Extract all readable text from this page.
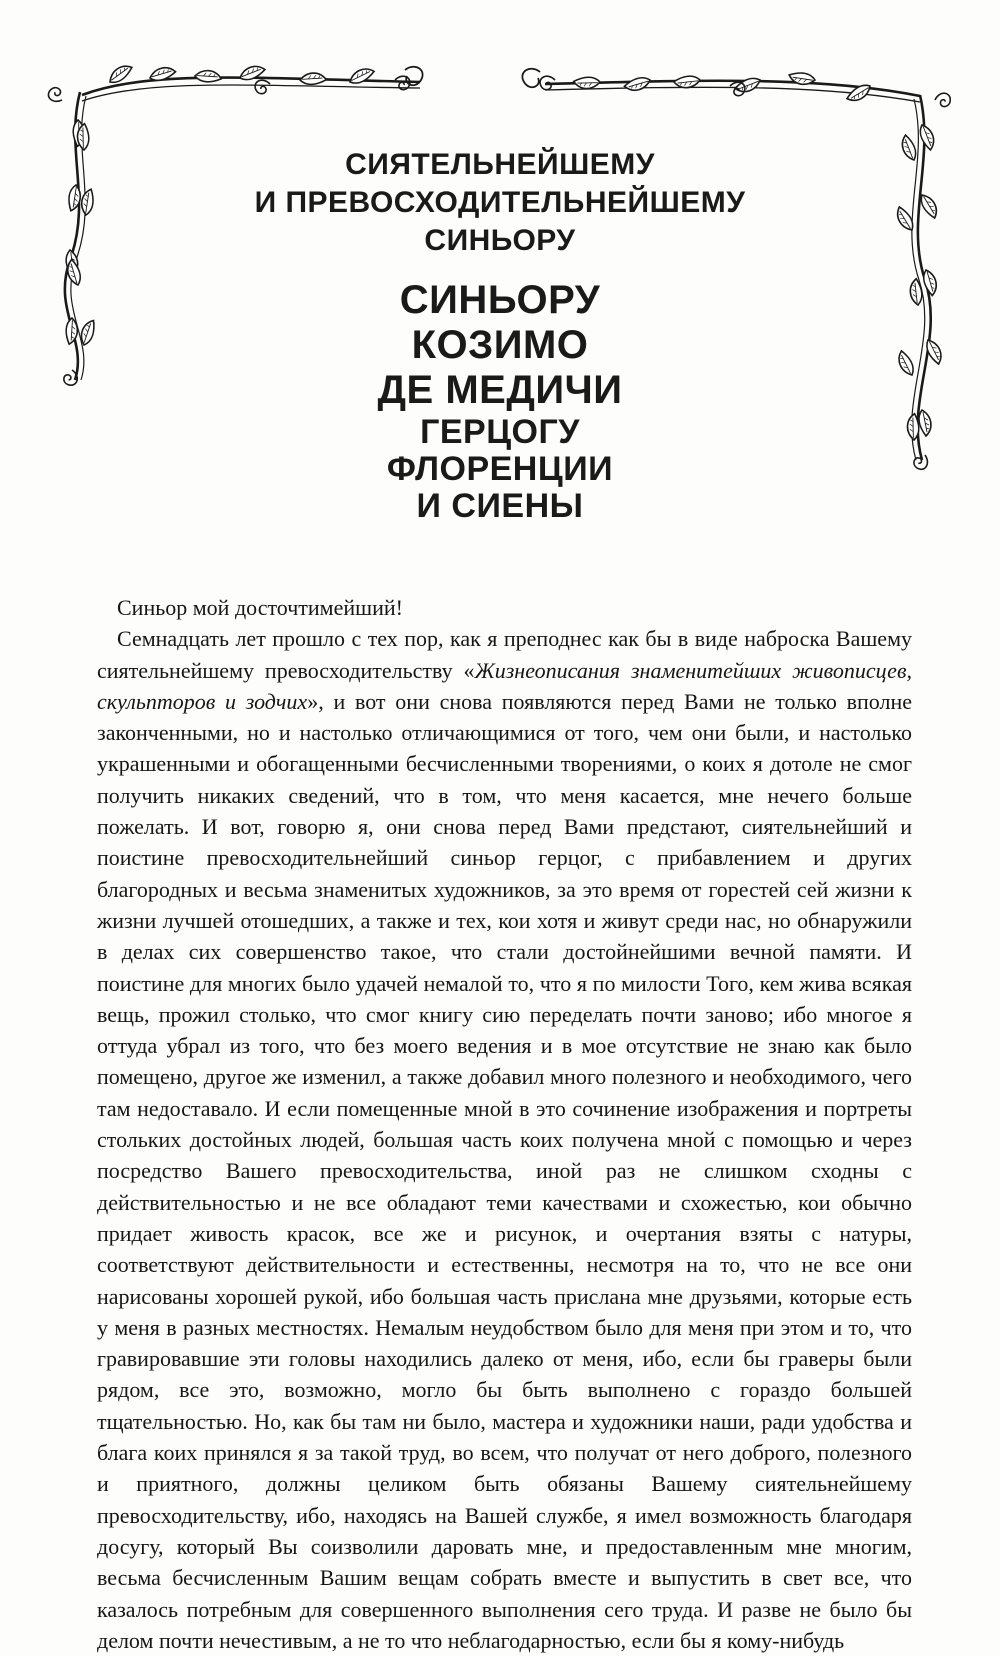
СИЯТЕЛЬНЕЙШЕМУ
И ПРЕВОСХОДИТЕЛЬНЕЙШЕМУ
СИНЬОРУ
СИНЬОРУ
КОЗИМО
ДЕ МЕДИЧИ
ГЕРЦОГУ
ФЛОРЕНЦИИ
И СИЕНЫ

Синьор мой досточтимейший!

Семнадцать лет прошло с тех пор, как я преподнес как бы в виде наброска Вашему сиятельнейшему превосходительству «Жизнеописания знаменитейших живописцев, скульпторов и зодчих», и вот они снова появляются перед Вами не только вполне законченными, но и настолько отличающимися от того, чем они были, и настолько украшенными и обогащенными бесчисленными творениями, о коих я дотоле не смог получить никаких сведений, что в том, что меня касается, мне нечего больше пожелать. И вот, говорю я, они снова перед Вами предстают, сиятельнейший и поистине превосходительнейший синьор герцог, с прибавлением и других благородных и весьма знаменитых художников, за это время от горестей сей жизни к жизни лучшей отошедших, а также и тех, кои хотя и живут среди нас, но обнаружили в делах сих совершенство такое, что стали достойнейшими вечной памяти. И поистине для многих было удачей немалой то, что я по милости Того, кем жива всякая вещь, прожил столько, что смог книгу сию переделать почти заново; ибо многое я оттуда убрал из того, что без моего ведения и в мое отсутствие не знаю как было помещено, другое же изменил, а также добавил много полезного и необходимого, чего там недоставало. И если помещенные мной в это сочинение изображения и портреты стольких достойных людей, большая часть коих получена мной с помощью и через посредство Вашего превосходительства, иной раз не слишком сходны с действительностью и не все обладают теми качествами и схожестью, кои обычно придает живость красок, все же и рисунок, и очертания взяты с натуры, соответствуют действительности и естественны, несмотря на то, что не все они нарисованы хорошей рукой, ибо большая часть прислана мне друзьями, которые есть у меня в разных местностях. Немалым неудобством было для меня при этом и то, что гравировавшие эти головы находились далеко от меня, ибо, если бы граверы были рядом, все это, возможно, могло бы быть выполнено с гораздо большей тщательностью. Но, как бы там ни было, мастера и художники наши, ради удобства и блага коих принялся я за такой труд, во всем, что получат от него доброго, полезного и приятного, должны целиком быть обязаны Вашему сиятельнейшему превосходительству, ибо, находясь на Вашей службе, я имел возможность благодаря досугу, который Вы соизволили даровать мне, и предоставленным мне многим, весьма бесчисленным Вашим вещам собрать вместе и выпустить в свет все, что казалось потребным для совершенного выполнения сего труда. И разве не было бы делом почти нечестивым, а не то что неблагодарностью, если бы я кому-нибудь
